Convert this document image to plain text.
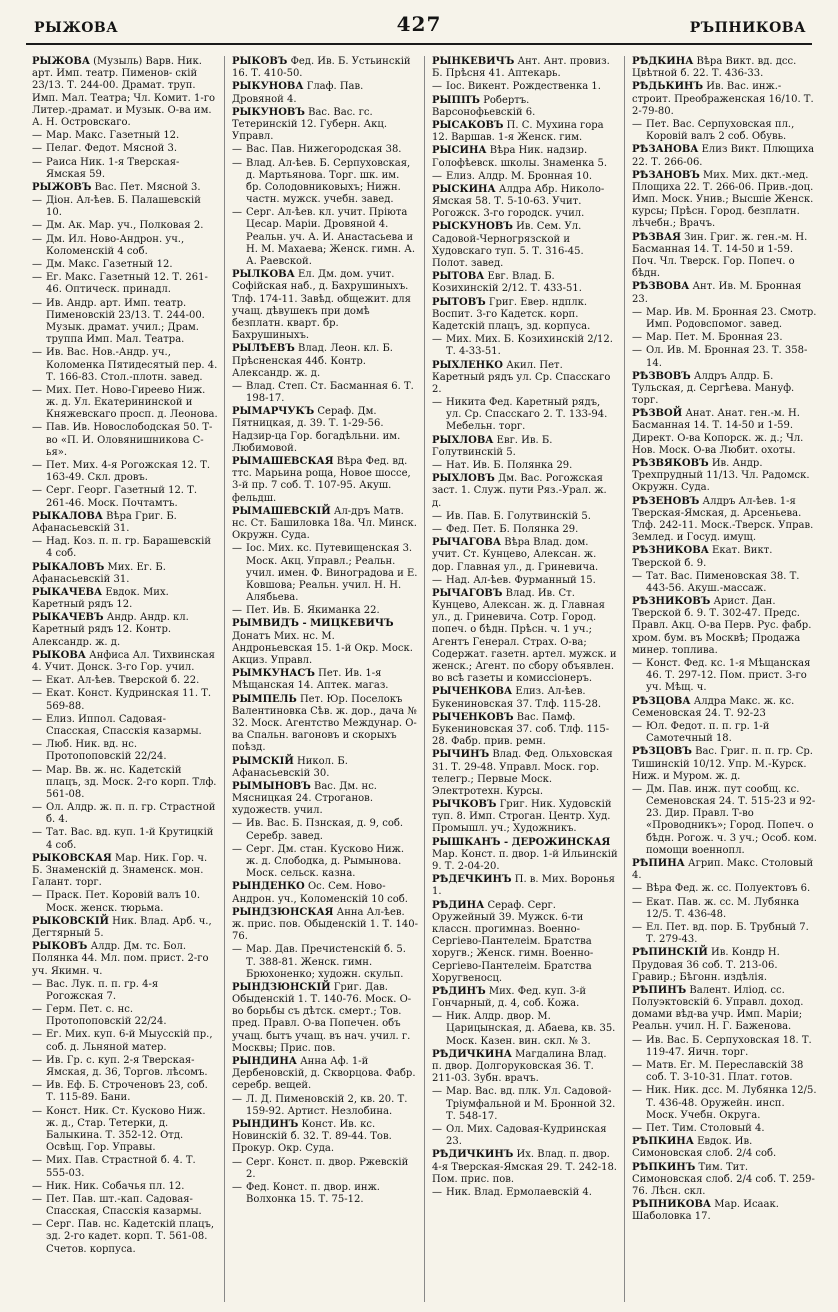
РЫЖОВА	427	РЪПНИКОВА
РЫЖОВА (Музыль) Варв. Ник. арт. Имп. театр. Пименов- скій 23/13. Т. 244-00. Драмат. труп. Имп. Мал. Театра; Чл. Комит. 1-го Литер.-драмат. и Музык. О-ва им. А. Н. Островскаго.
— Мар. Макс. Газетный 12.
— Пелаг. Федот. Мясной 3.
— Раиса Ник. 1-я Тверская-Ямская 59.
РЫЖОВЪ Вас. Пет. Мясной 3.
— Діон. Ал-ѣев. Б. Палашевскій 10.
— Дм. Ак. Мар. уч., Полковая 2.
— Дм. Ил. Ново-Андрон. уч., Коломенскій 4 соб.
— Дм. Макс. Газетный 12.
— Ег. Макс. Газетный 12. Т. 261-46. Оптическ. принадл.
— Ив. Андр. арт. Имп. театр. Пименовскій 23/13. Т. 244-00. Музык. драмат. учил.; Драм. труппа Имп. Мал. Театра.
— Ив. Вас. Нов.-Андр. уч., Коломенка Пятидесятый пер. 4. Т. 166-83. Стол.-плотн. завед.
— Мих. Пет. Ново-Гиреево Ниж. ж. д. Ул. Екатерининской и Княжевскаго просп. д. Леонова.
— Пав. Ив. Новослободская 50. Т-во «П. И. Оловянишникова С-ья».
— Пет. Мих. 4-я Рогожская 12. Т. 163-49. Скл. дровъ.
— Серг. Георг. Газетный 12. Т. 261-46. Моск. Почтамтъ.
РЫКАЛОВА Вѣра Григ. Б. Афанасьевскій 31.
— Над. Коз. п. п. гр. Барашевскій 4 соб.
РЫКАЛОВЪ Мих. Ег. Б. Афанасьевскій 31.
РЫКАЧЕВА Евдок. Мих. Каретный рядъ 12.
РЫКАЧЕВЪ Андр. Андр. кл. Каретный рядъ 12. Контр. Александр. ж. д.
РЫКОВА Анфиса Ал. Тихвинская 4. Учит. Донск. 3-го Гор. учил.
— Екат. Ал-ѣев. Тверской б. 22.
— Екат. Конст. Кудринская 11. Т. 569-88.
— Елиз. Иппол. Садовая-Спасская, Спасскія казармы.
— Люб. Ник. вд. нс. Протопоповскій 22/24.
— Мар. Вв. ж. нс. Кадетскій плацъ, зд. Моск. 2-го корп. Тлф. 561-08.
— Ол. Алдр. ж. п. п. гр. Страстной б. 4.
— Тат. Вас. вд. куп. 1-й Крутицкій 4 соб.
РЫКОВСКАЯ Мар. Ник. Гор. ч. Б. Знаменскій д. Знаменск. мон. Галант. торг.
— Праск. Пет. Коровій валъ 10. Моск. женск. тюрьма.
РЫКОВСКІЙ Ник. Влад. Арб. ч., Дегтярный 5.
РЫКОВЪ Алдр. Дм. тс. Бол. Полянка 44. Мл. пом. прист. 2-го уч. Якимн. ч.
— Вас. Лук. п. п. гр. 4-я Рогожская 7.
— Герм. Пет. с. нс. Протопоповскій 22/24.
— Ег. Мих. куп. 6-й Мыусскій пр., соб. д. Льняной матер.
— Ив. Гр. с. куп. 2-я Тверская-Ямская, д. 36, Торгов. лѣсомъ.
— Ив. Еф. Б. Строченовъ 23, соб. Т. 115-89. Бани.
— Конст. Ник. Ст. Кусково Ниж. ж. д., Стар. Тетерки, д. Балыкина. Т. 352-12. Отд. Освѣщ. Гор. Управы.
— Мих. Пав. Страстной б. 4. Т. 555-03.
— Ник. Ник. Собачья пл. 12.
— Пет. Пав. шт.-кап. Садовая-Спасская, Спасскія казармы.
— Серг. Пав. нс. Кадетскій плацъ, зд. 2-го кадет. корп. Т. 561-08. Счетов. корпуса.
РЫКОВЪ Фед. Ив. Б. Устьинскій 16. Т. 410-50.
РЫКУНОВА Глаф. Пав. Дровяной 4.
РЫКУНОВЪ Вас. Вас. гс. Тетеринскій 12. Губерн. Акц. Управл.
— Вас. Пав. Нижегородская 38.
— Влад. Ал-ѣев. Б. Серпуховская, д. Мартьянова. Торг. шк. им. бр. Солодовниковыхъ; Нижн. частн. мужск. учебн. завед.
— Серг. Ал-ѣев. кл. учит. Пріюта Цесар. Маріи. Дровяной 4. Реальн. уч. А. И. Анастасьева и Н. М. Махаева; Женск. гимн. А. А. Раевской.
РЫЛКОВА Ел. Дм. дом. учит. Софійская наб., д. Бахрушиныхъ. Тлф. 174-11. Завѣд. общежит. для учащ. дѣвушекъ при домѣ безплатн. кварт. бр. Бахрушиныхъ.
РЫЛѢЕВЪ Влад. Леон. кл. Б. Прѣсненская 44б. Контр. Александр. ж. д.
— Влад. Степ. Ст. Басманная 6. Т. 198-17.
РЫМАРЧУКЪ Сераф. Дм. Пятницкая, д. 39. Т. 1-29-56. Надзир-ца Гор. богадѣльни. им. Любимовой.
РЫМАШЕВСКАЯ Вѣра Фед. вд. ттс. Марьина роща, Новое шоссе, 3-й пр. 7 соб. Т. 107-95. Акуш. фельдш.
РЫМАШЕВСКІЙ Ал-дръ Матв. нс. Ст. Башиловка 18а. Чл. Минск. Окружн. Суда.
— Іос. Мих. кс. Путевищенская 3. Моск. Акц. Управл.; Реальн. учил. имен. Ф. Виноградова и Е. Ковшова; Реальн. учил. Н. Н. Алябьева.
— Пет. Ив. Б. Якиманка 22.
РЫМВИДЪ - МИЦКЕВИЧЪ Донатъ Мих. нс. М. Андроньевская 15. 1-й Окр. Моск. Акциз. Управл.
РЫМКУНАСЪ Пет. Ив. 1-я Мѣщанская 14. Аптек. магаз.
РЫМПЕЛЬ Пет. Юр. Поселокъ Валентиновка Сѣв. ж. дор., дача № 32. Моск. Агентство Междунар. О-ва Спальн. вагоновъ и скорыхъ поѣзд.
РЫМСКІЙ Никол. Б. Афанасьевскій 30.
РЫМЫНОВЪ Вас. Дм. нс. Мясницкая 24. Строганов. художеств. учил.
— Ив. Вас. Б. Пзнская, д. 9, соб. Серебр. завед.
— Серг. Дм. стан. Кусково Ниж. ж. д. Слободка, д. Рымынова. Моск. сельск. казна.
РЫНДЕНКО Ос. Сем. Ново-Андрон. уч., Коломенскій 10 соб.
РЫНДЗЮНСКАЯ Анна Ал-ѣев. ж. прис. пов. Обыденскій 1. Т. 140-76.
— Мар. Дав. Пречистенскій б. 5. Т. 388-81. Женск. гимн. Брюхоненко; художн. скульп.
РЫНДЗЮНСКІЙ Григ. Дав. Обыденскій 1. Т. 140-76. Моск. О-во борьбы съ дѣтск. смерт.; Тов. пред. Правл. О-ва Попечен. объ учащ. бытъ учащ. въ нач. учил. г. Москвы; Прис. пов.
РЫНДИНА Анна Аф. 1-й Дербеновскій, д. Скворцова. Фабр. серебр. вещей.
— Л. Д. Пименовскій 2, кв. 20. Т. 159-92. Артист. Незлобина.
РЫНДИНЪ Конст. Ив. кс. Новинскій б. 32. Т. 89-44. Тов. Прокур. Окр. Суда.
— Серг. Конст. п. двор. Ржевскій 2.
— Фед. Конст. п. двор. инж. Волхонка 15. Т. 75-12.
РЫНКЕВИЧЪ Ант. Ант. провиз. Б. Прѣсня 41. Аптекарь.
— Іос. Викент. Рождественка 1.
РЫППЪ Робертъ. Варсонофьевскій 6.
РЫСАКОВЪ П. С. Мухина гора 12. Варшав. 1-я Женск. гим.
РЫСИНА Вѣра Ник. надзир. Голофѣевск. школы. Знаменка 5.
— Елиз. Алдр. М. Бронная 10.
РЫСКИНА Алдра Абр. Николо-Ямская 58. Т. 5-10-63. Учит. Рогожск. 3-го городск. учил.
РЫСКУНОВЪ Ив. Сем. Ул. Садовой-Черногрязской и Худовскаго туп. 5. Т. 316-45. Полот. завед.
РЫТОВА Евг. Влад. Б. Козихинскій 2/12. Т. 433-51.
РЫТОВЪ Григ. Евер. ндплк. Воспит. 3-го Кадетск. корп. Кадетскій плацъ, зд. корпуса.
— Мих. Мих. Б. Козихинскій 2/12. Т. 4-33-51.
РЫХЛЕНКО Акил. Пет. Каретный рядъ ул. Ср. Спасскаго 2.
— Никита Фед. Каретный рядъ, ул. Ср. Спасскаго 2. Т. 133-94. Мебельн. торг.
РЫХЛОВА Евг. Ив. Б. Голутвинскій 5.
— Нат. Ив. Б. Полянка 29.
РЫХЛОВЪ Дм. Вас. Рогожская заст. 1. Служ. пути Ряз.-Урал. ж. д.
— Ив. Пав. Б. Голутвинскій 5.
— Фед. Пет. Б. Полянка 29.
РЫЧАГОВА Вѣра Влад. дом. учит. Ст. Кунцево, Алексан. ж. дор. Главная ул., д. Гриневича.
— Над. Ал-ѣев. Фурманный 15.
РЫЧАГОВЪ Влад. Ив. Ст. Кунцево, Алексан. ж. д. Главная ул., д. Гриневича. Сотр. Город. попеч. о бѣдн. Прѣсн. ч. 1 уч.; Агентъ Генерал. Страх. О-ва; Содержат. газетн. артел. мужск. и женск.; Агент. по сбору объявлен. во всѣ газеты и комиссіонеръ.
РЫЧЕНКОВА Елиз. Ал-ѣев. Букениновская 37. Тлф. 115-28.
РЫЧЕНКОВЪ Вас. Памф. Букениновская 37. соб. Тлф. 115-28. Фабр. прив. ремн.
РЫЧИНЪ Влад. Фед. Ольховская 31. Т. 29-48. Управл. Моск. гор. телегр.; Первые Моск. Электротехн. Курсы.
РЫЧКОВЪ Григ. Ник. Худовскій туп. 8. Имп. Строган. Центр. Худ. Промышл. уч.; Художникъ.
РЫШКАНЪ - ДЕРОЖИНСКАЯ Мар. Конст. п. двор. 1-й Ильинскій 9. Т. 2-04-20.
РѢДЕЧКИНЪ П. в. Мих. Воронья 1.
РѢДИНА Сераф. Серг. Оружейный 39. Мужск. 6-ти классн. прогимназ. Военно-Сергіево-Пантелеім. Братства хоругв.; Женск. гимн. Военно-Сергіево-Пантелеім. Братства Хоругвеносц.
РѢДИНЪ Мих. Фед. куп. 3-й Гончарный, д. 4, соб. Кожа.
— Ник. Алдр. двор. М. Царицынская, д. Абаева, кв. 35. Моск. Казен. вин. скл. № 3.
РѢДИЧКИНА Магдалина Влад. п. двор. Долгоруковская 36. Т. 211-03. Зубн. врачъ.
— Мар. Вас. вд. плк. Ул. Садовой-Тріумфальной и М. Бронной 32. Т. 548-17.
— Ол. Мих. Садовая-Кудринская 23.
РѢДИЧКИНЪ Их. Влад. п. двор. 4-я Тверская-Ямская 29. Т. 242-18. Пом. прис. пов.
— Ник. Влад. Ермолаевскій 4.
РѢДКИНА Вѣра Викт. вд. дсс. Цвѣтной б. 22. Т. 436-33.
РѢДЬКИНЪ Ив. Вас. инж.-строит. Преображенская 16/10. Т. 2-79-80.
— Пет. Вас. Серпуховская пл., Коровій валъ 2 соб. Обувь.
РѢЗАНОВА Елиз Викт. Плющиха 22. Т. 266-06.
РѢЗАНОВЪ Мих. Мих. дкт.-мед. Площиха 22. Т. 266-06. Прив.-доц. Имп. Моск. Унив.; Высшіе Женск. курсы; Прѣсн. Город. безплатн. лѣчебн.; Врачъ.
РѢЗВАЯ Зин. Григ. ж. ген.-м. Н. Басманная 14. Т. 14-50 и 1-59. Поч. Чл. Тверск. Гор. Попеч. о бѣдн.
РѢЗВОВА Ант. Ив. М. Бронная 23.
— Мар. Ив. М. Бронная 23. Смотр. Имп. Родовспомог. завед.
— Мар. Пет. М. Бронная 23.
— Ол. Ив. М. Бронная 23. Т. 358-14.
РѢЗВОВЪ Алдръ Алдр. Б. Тульская, д. Сергѣева. Мануф. торг.
РѢЗВОЙ Анат. Анат. ген.-м. Н. Басманная 14. Т. 14-50 и 1-59. Директ. О-ва Копорск. ж. д.; Чл. Нов. Моск. О-ва Любит. охоты.
РѢЗВЯКОВЪ Ив. Андр. Трехпрудный 11/13. Чл. Радомск. Окружн. Суда.
РѢЗЕНОВЪ Алдръ Ал-ѣев. 1-я Тверская-Ямская, д. Арсеньева. Тлф. 242-11. Моск.-Тверск. Управ. Землед. и Госуд. имущ.
РѢЗНИКОВА Екат. Викт. Тверской б. 9.
— Тат. Вас. Пименовская 38. Т. 443-56. Акуш.-массаж.
РѢЗНИКОВЪ Арист. Дан. Тверской б. 9. Т. 302-47. Предс. Правл. Акц. О-ва Перв. Рус. фабр. хром. бум. въ Москвѣ; Продажа минер. топлива.
— Конст. Фед. кс. 1-я Мѣщанская 46. Т. 297-12. Пом. прист. 3-го уч. Мѣщ. ч.
РѢЗЦОВА Алдра Макс. ж. кс. Семеновская 24. Т. 92-23
— Юл. Федот. п. п. гр. 1-й Самотечный 18.
РѢЗЦОВЪ Вас. Григ. п. п. гр. Ср. Тишинскій 10/12. Упр. М.-Курск. Ниж. и Муром. ж. д.
— Дм. Пав. инж. пут сообщ. кс. Семеновская 24. Т. 515-23 и 92-23. Дир. Правл. Т-во «Проводникъ»; Город. Попеч. о бѣдн. Рогож. ч. 3 уч.; Особ. ком. помощи военнопл.
РѢПИНА Агрип. Макс. Столовый 4.
— Вѣра Фед. ж. сс. Полуектовъ 6.
— Екат. Пав. ж. сс. М. Лубянка 12/5. Т. 436-48.
— Ел. Пет. вд. пор. Б. Трубный 7. Т. 279-43.
РѢПИНСКІЙ Ив. Кондр Н. Прудовая 36 соб. Т. 213-06. Гравир.; Бѣгонн. издѣлія.
РѢПИНЪ Валент. Иліод. сс. Полуэктовскій 6. Управл. доход. домами вѣд-ва учр. Имп. Маріи; Реальн. учил. Н. Г. Баженова.
— Ив. Вас. Б. Серпуховская 18. Т. 119-47. Яичн. торг.
— Матв. Ег. М. Переславскій 38 соб. Т. 3-10-31. Плат. готов.
— Ник. Ник. дсс. М. Лубянка 12/5. Т. 436-48. Оружейн. инсп. Моск. Учебн. Округа.
— Пет. Тим. Столовый 4.
РѢПКИНА Евдок. Ив. Симоновская слоб. 2/4 соб.
РѢПКИНЪ Тим. Тит. Симоновская слоб. 2/4 соб. Т. 259-76. Лѣсн. скл.
РѢПНИКОВА Мар. Исаак. Шаболовка 17.
